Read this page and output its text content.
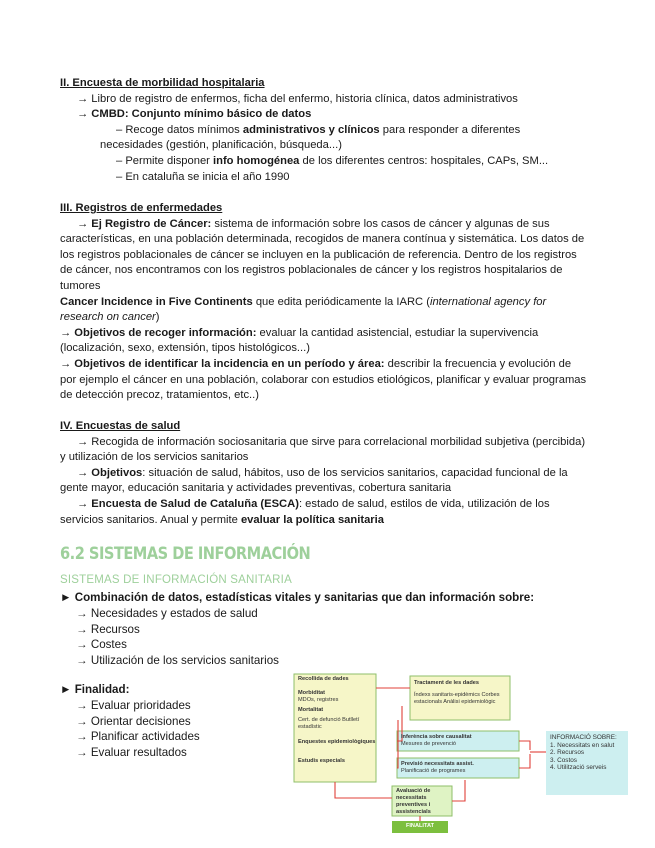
II. Encuesta de morbilidad hospitalaria
→ Libro de registro de enfermos, ficha del enfermo, historia clínica, datos administrativos
→ CMBD: Conjunto mínimo básico de datos
– Recoge datos mínimos administrativos y clínicos para responder a diferentes
necesidades (gestión, planificación, búsqueda...)
– Permite disponer info homogénea de los diferentes centros: hospitales, CAPs, SM...
– En cataluña se inicia el año 1990
III. Registros de enfermedades
→ Ej Registro de Cáncer: sistema de información sobre los casos de cáncer y algunas de sus características, en una población determinada, recogidos de manera contínua y sistemática. Los datos de los registros poblacionales de cáncer se incluyen en la publicación de referencia. Dentro de los registros de cáncer, nos encontramos con los registros poblacionales de cáncer y los registros hospitalarios de tumores
Cancer Incidence in Five Continents que edita periódicamente la IARC (international agency for research on cancer)
→ Objetivos de recoger información: evaluar la cantidad asistencial, estudiar la supervivencia (localización, sexo, extensión, tipos histológicos...)
→ Objetivos de identificar la incidencia en un período y área: describir la frecuencia y evolución de por ejemplo el cáncer en una población, colaborar con estudios etiológicos, planificar y evaluar programas de detección precoz, tratamientos, etc..)
IV. Encuestas de salud
→ Recogida de información sociosanitaria que sirve para correlacional morbilidad subjetiva (percibida) y utilización de los servicios sanitarios
→ Objetivos: situación de salud, hábitos, uso de los servicios sanitarios, capacidad funcional de la gente mayor, educación sanitaria y actividades preventivas, cobertura sanitaria
→ Encuesta de Salud de Cataluña (ESCA): estado de salud, estilos de vida, utilización de los servicios sanitarios. Anual y permite evaluar la política sanitaria
6.2 SISTEMAS DE INFORMACIÓN
SISTEMAS DE INFORMACIÓN SANITARIA
► Combinación de datos, estadísticas vitales y sanitarias que dan información sobre:
→ Necesidades y estados de salud
→ Recursos
→ Costes
→ Utilización de los servicios sanitarios
► Finalidad:
→ Evaluar prioridades
→ Orientar decisiones
→ Planificar actividades
→ Evaluar resultados
Recollida de dades
Morbiditat
MDOs, registres
Mortalitat
Cert. de defunció Butlletí estadístic
Enquestes epidemiològiques
Estudis especials
Tractament de les dades
Índexs sanitaris-epidèmics Corbes estacionals Anàlisi epidemiològic
Inferència sobre causalitat
Mesures de prevenció
Previsió necessitats assist.
Planificació de programes
Avaluació de necessitats preventives i assistencials
FINALITAT
INFORMACIÓ SOBRE:
1. Necessitats en salut
2. Recursos
3. Costos
4. Utilització serveis
